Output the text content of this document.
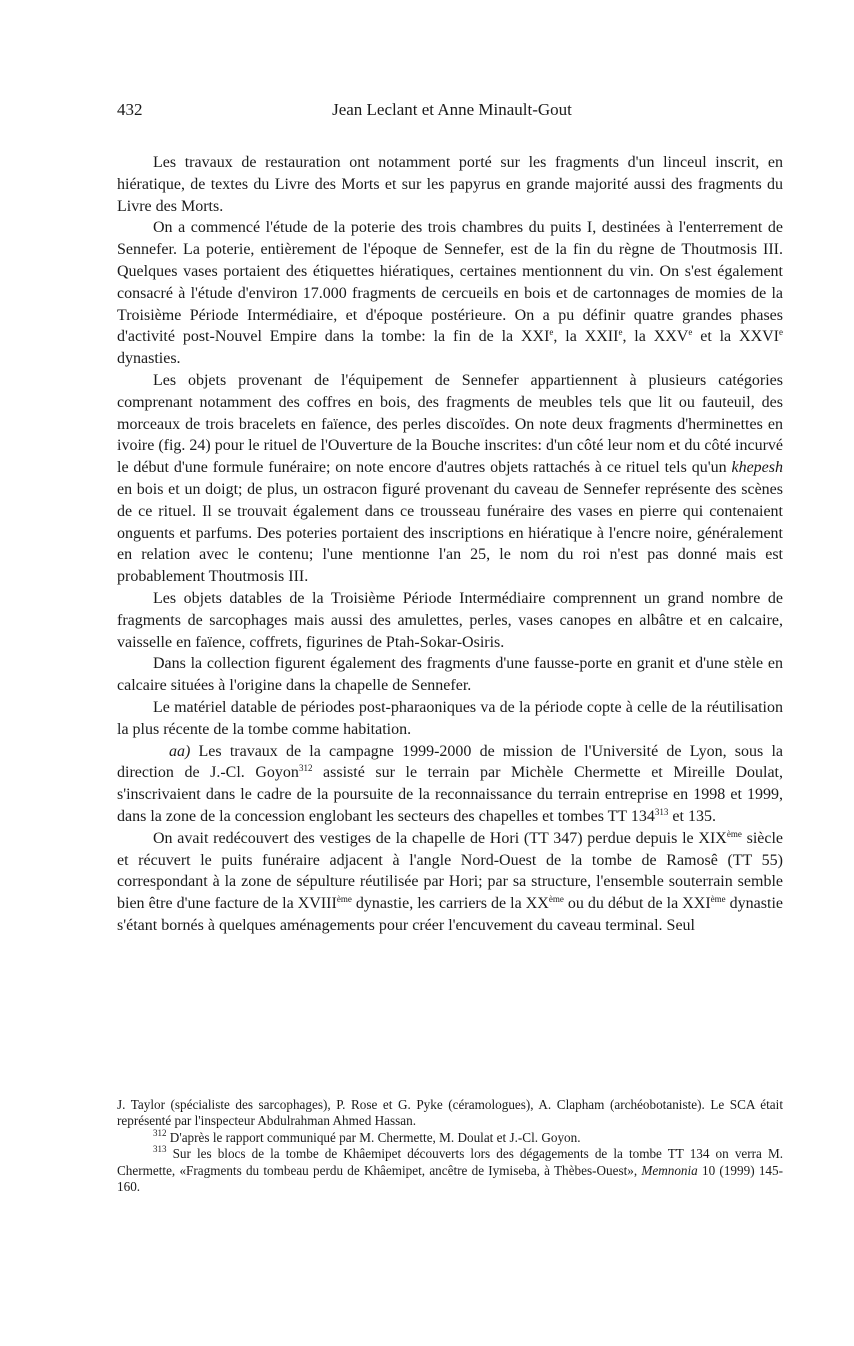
432	Jean Leclant et Anne Minault-Gout

Les travaux de restauration ont notamment porté sur les fragments d'un linceul inscrit, en hiératique, de textes du Livre des Morts et sur les papyrus en grande majorité aussi des fragments du Livre des Morts.

On a commencé l'étude de la poterie des trois chambres du puits I, destinées à l'enterrement de Sennefer. La poterie, entièrement de l'époque de Sennefer, est de la fin du règne de Thoutmosis III. Quelques vases portaient des étiquettes hiératiques, certaines mentionnent du vin. On s'est également consacré à l'étude d'environ 17.000 fragments de cercueils en bois et de cartonnages de momies de la Troisième Période Intermédiaire, et d'époque postérieure. On a pu définir quatre grandes phases d'activité post-Nouvel Empire dans la tombe: la fin de la XXIe, la XXIIe, la XXVe et la XXVIe dynasties.

Les objets provenant de l'équipement de Sennefer appartiennent à plusieurs catégories comprenant notamment des coffres en bois, des fragments de meubles tels que lit ou fauteuil, des morceaux de trois bracelets en faïence, des perles discoïdes. On note deux fragments d'herminettes en ivoire (fig. 24) pour le rituel de l'Ouverture de la Bouche inscrites: d'un côté leur nom et du côté incurvé le début d'une formule funéraire; on note encore d'autres objets rattachés à ce rituel tels qu'un khepesh en bois et un doigt; de plus, un ostracon figuré provenant du caveau de Sennefer représente des scènes de ce rituel. Il se trouvait également dans ce trousseau funéraire des vases en pierre qui contenaient onguents et parfums. Des poteries portaient des inscriptions en hiératique à l'encre noire, généralement en relation avec le contenu; l'une mentionne l'an 25, le nom du roi n'est pas donné mais est probablement Thoutmosis III.

Les objets datables de la Troisième Période Intermédiaire comprennent un grand nombre de fragments de sarcophages mais aussi des amulettes, perles, vases canopes en albâtre et en calcaire, vaisselle en faïence, coffrets, figurines de Ptah-Sokar-Osiris.

Dans la collection figurent également des fragments d'une fausse-porte en granit et d'une stèle en calcaire situées à l'origine dans la chapelle de Sennefer.

Le matériel datable de périodes post-pharaoniques va de la période copte à celle de la réutilisation la plus récente de la tombe comme habitation.

aa) Les travaux de la campagne 1999-2000 de mission de l'Université de Lyon, sous la direction de J.-Cl. Goyon$^{312}$ assisté sur le terrain par Michèle Chermette et Mireille Doulat, s'inscrivaient dans le cadre de la poursuite de la reconnaissance du terrain entreprise en 1998 et 1999, dans la zone de la concession englobant les secteurs des chapelles et tombes TT $134^{313}$ et 135.

On avait redécouvert des vestiges de la chapelle de Hori (TT 347) perdue depuis le XIXème siècle et récuvert le puits funéraire adjacent à l'angle Nord-Ouest de la tombe de Ramosê (TT 55) correspondant à la zone de sépulture réutilisée par Hori; par sa structure, l'ensemble souterrain semble bien être d'une facture de la XVIIIème dynastie, les carriers de la XXème ou du début de la XXIème dynastie s'étant bornés à quelques aménagements pour créer l'encuvement du caveau terminal. Seul

J. Taylor (spécialiste des sarcophages), P. Rose et G. Pyke (céramologues), A. Clapham (archéobotaniste). Le SCA était représenté par l'inspecteur Abdulrahman Ahmed Hassan.

$^{312}$ D'après le rapport communiqué par M. Chermette, M. Doulat et J.-Cl. Goyon.

$^{313}$ Sur les blocs de la tombe de Khâemipet découverts lors des dégagements de la tombe TT 134 on verra M. Chermette, «Fragments du tombeau perdu de Khâemipet, ancêtre de Iymiseba, à Thèbes-Ouest», Memnonia 10 (1999) 145-160.
